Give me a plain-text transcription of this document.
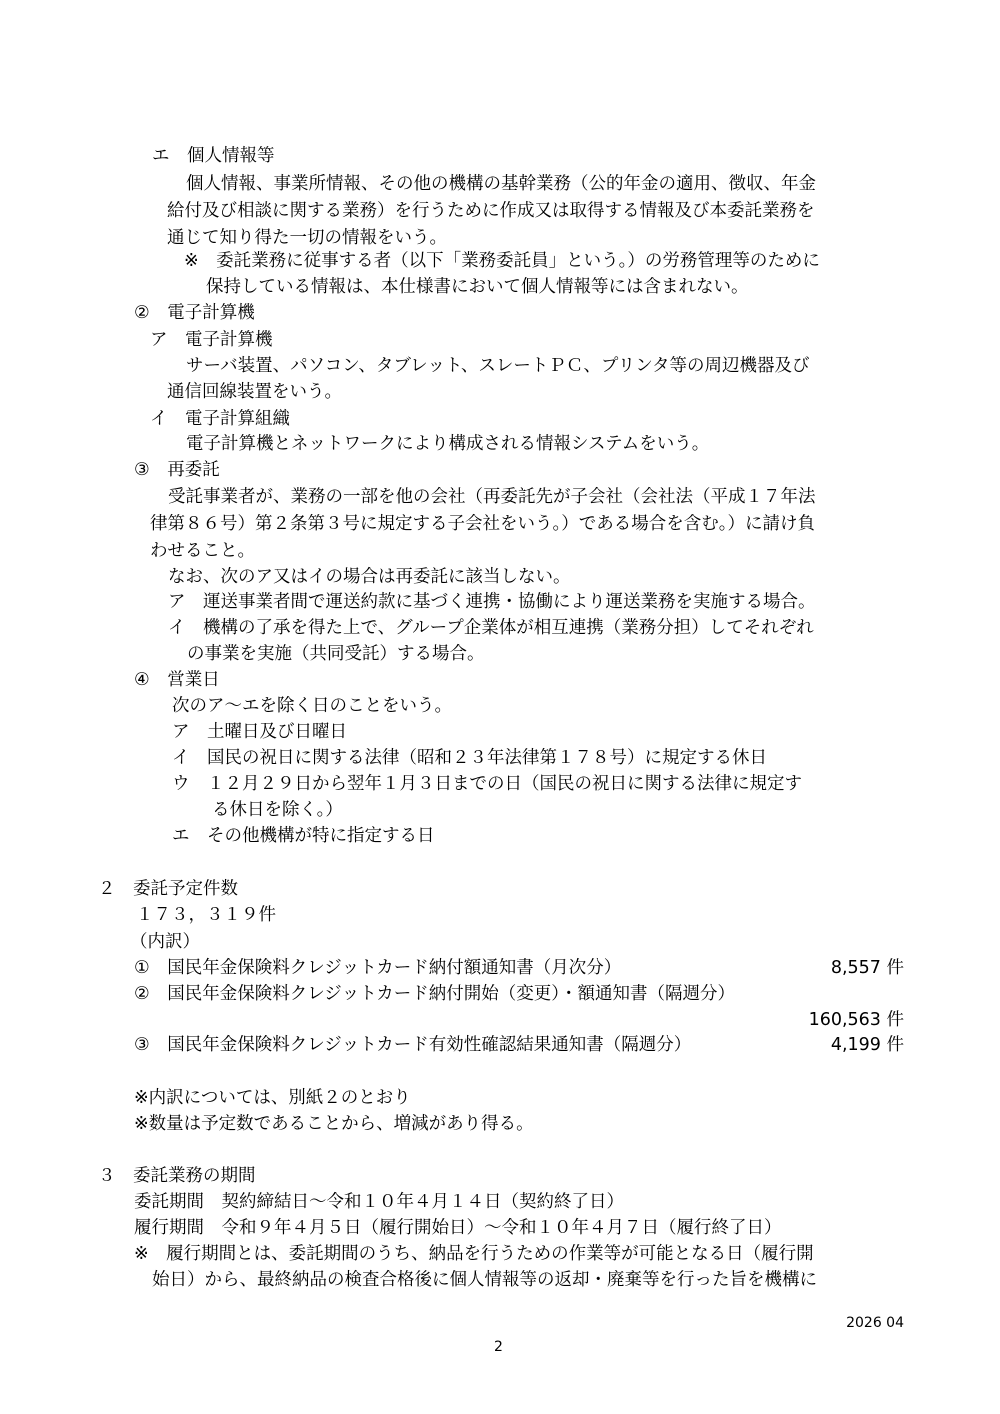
エ　個人情報等
個人情報、事業所情報、その他の機構の基幹業務（公的年金の適用、徴収、年金
給付及び相談に関する業務）を行うために作成又は取得する情報及び本委託業務を
通じて知り得た一切の情報をいう。
※　委託業務に従事する者（以下「業務委託員」という。）の労務管理等のために
保持している情報は、本仕様書において個人情報等には含まれない。
②　電子計算機
ア　電子計算機
サーバ装置、パソコン、タブレット、スレートＰＣ、プリンタ等の周辺機器及び
通信回線装置をいう。
イ　電子計算組織
電子計算機とネットワークにより構成される情報システムをいう。
③　再委託
受託事業者が、業務の一部を他の会社（再委託先が子会社（会社法（平成１７年法
律第８６号）第２条第３号に規定する子会社をいう。）である場合を含む。）に請け負
わせること。
なお、次のア又はイの場合は再委託に該当しない。
ア　運送事業者間で運送約款に基づく連携・協働により運送業務を実施する場合。
イ　機構の了承を得た上で、グループ企業体が相互連携（業務分担）してそれぞれ
の事業を実施（共同受託）する場合。
④　営業日
次のア～エを除く日のことをいう。
ア　土曜日及び日曜日
イ　国民の祝日に関する法律（昭和２３年法律第１７８号）に規定する休日
ウ　１２月２９日から翌年１月３日までの日（国民の祝日に関する法律に規定す
る休日を除く。）
エ　その他機構が特に指定する日
２　委託予定件数
１７３，３１９件
（内訳）
①　国民年金保険料クレジットカード納付額通知書（月次分）	8,557 件
②　国民年金保険料クレジットカード納付開始（変更）・額通知書（隔週分）
160,563 件
③　国民年金保険料クレジットカード有効性確認結果通知書（隔週分）	4,199 件
※内訳については、別紙２のとおり
※数量は予定数であることから、増減があり得る。
３　委託業務の期間
委託期間　契約締結日～令和１０年４月１４日（契約終了日）
履行期間　令和９年４月５日（履行開始日）～令和１０年４月７日（履行終了日）
※　履行期間とは、委託期間のうち、納品を行うための作業等が可能となる日（履行開
始日）から、最終納品の検査合格後に個人情報等の返却・廃棄等を行った旨を機構に
2026 04
2
